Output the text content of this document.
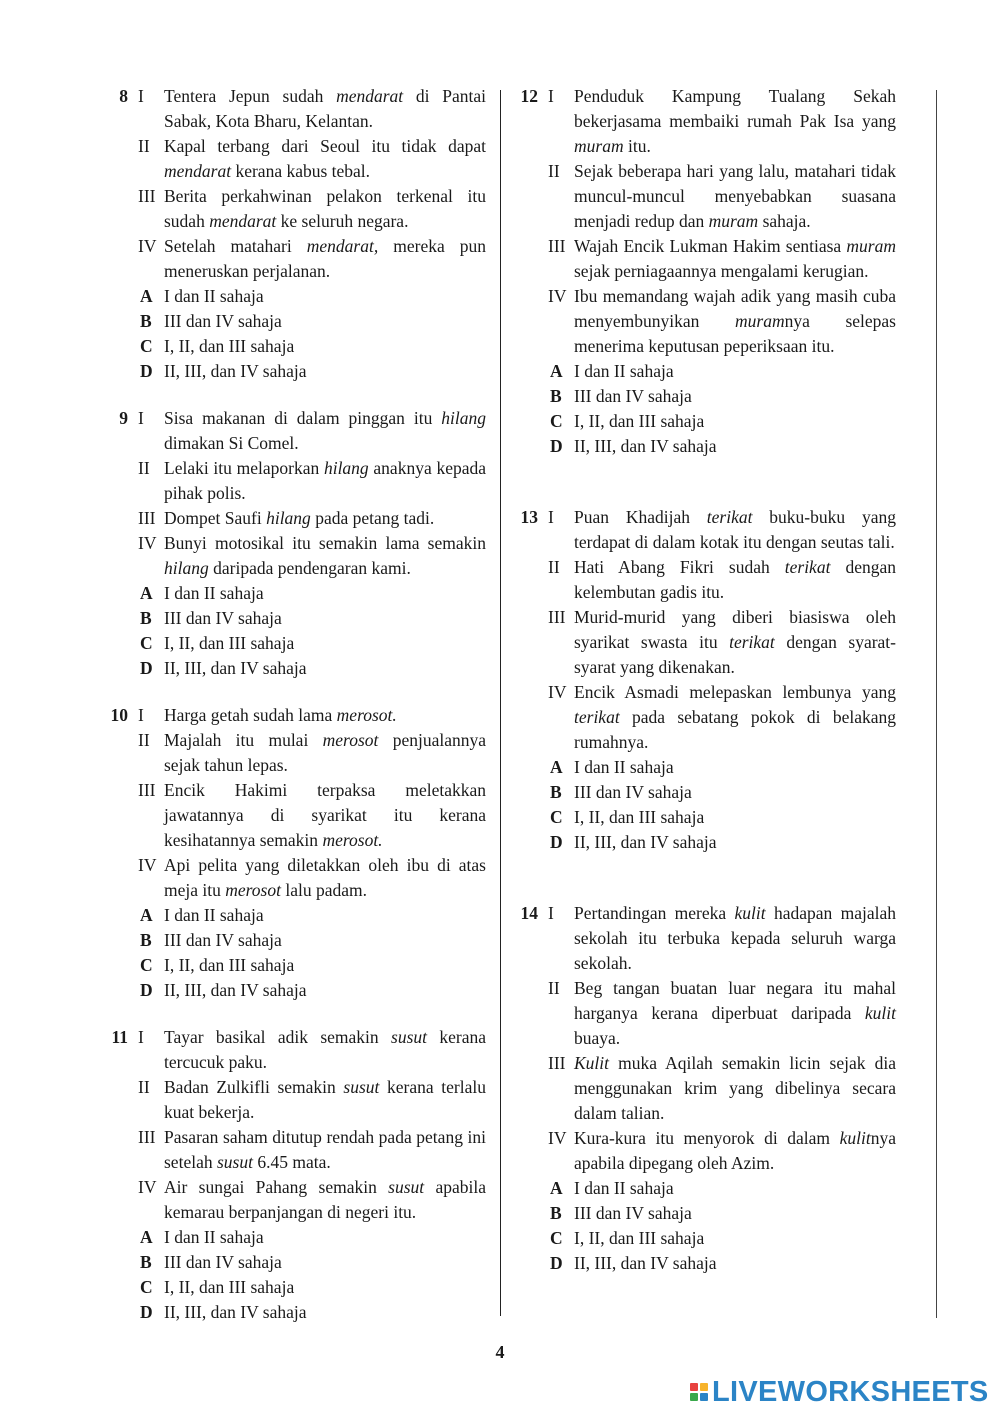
8 I Tentera Jepun sudah mendarat di Pantai Sabak, Kota Bharu, Kelantan.
II Kapal terbang dari Seoul itu tidak dapat mendarat kerana kabus tebal.
III Berita perkahwinan pelakon terkenal itu sudah mendarat ke seluruh negara.
IV Setelah matahari mendarat, mereka pun meneruskan perjalanan.
A I dan II sahaja
B III dan IV sahaja
C I, II, dan III sahaja
D II, III, dan IV sahaja
9 I Sisa makanan di dalam pinggan itu hilang dimakan Si Comel.
II Lelaki itu melaporkan hilang anaknya kepada pihak polis.
III Dompet Saufi hilang pada petang tadi.
IV Bunyi motosikal itu semakin lama semakin hilang daripada pendengaran kami.
A I dan II sahaja
B III dan IV sahaja
C I, II, dan III sahaja
D II, III, dan IV sahaja
10 I Harga getah sudah lama merosot.
II Majalah itu mulai merosot penjualannya sejak tahun lepas.
III Encik Hakimi terpaksa meletakkan jawatannya di syarikat itu kerana kesihatannya semakin merosot.
IV Api pelita yang diletakkan oleh ibu di atas meja itu merosot lalu padam.
A I dan II sahaja
B III dan IV sahaja
C I, II, dan III sahaja
D II, III, dan IV sahaja
11 I Tayar basikal adik semakin susut kerana tercucuk paku.
II Badan Zulkifli semakin susut kerana terlalu kuat bekerja.
III Pasaran saham ditutup rendah pada petang ini setelah susut 6.45 mata.
IV Air sungai Pahang semakin susut apabila kemarau berpanjangan di negeri itu.
A I dan II sahaja
B III dan IV sahaja
C I, II, dan III sahaja
D II, III, dan IV sahaja
12 I Penduduk Kampung Tualang Sekah bekerjasama membaiki rumah Pak Isa yang muram itu.
II Sejak beberapa hari yang lalu, matahari tidak muncul-muncul menyebabkan suasana menjadi redup dan muram sahaja.
III Wajah Encik Lukman Hakim sentiasa muram sejak perniagaannya mengalami kerugian.
IV Ibu memandang wajah adik yang masih cuba menyembunyikan muramnya selepas menerima keputusan peperiksaan itu.
A I dan II sahaja
B III dan IV sahaja
C I, II, dan III sahaja
D II, III, dan IV sahaja
13 I Puan Khadijah terikat buku-buku yang terdapat di dalam kotak itu dengan seutas tali.
II Hati Abang Fikri sudah terikat dengan kelembutan gadis itu.
III Murid-murid yang diberi biasiswa oleh syarikat swasta itu terikat dengan syarat-syarat yang dikenakan.
IV Encik Asmadi melepaskan lembunya yang terikat pada sebatang pokok di belakang rumahnya.
A I dan II sahaja
B III dan IV sahaja
C I, II, dan III sahaja
D II, III, dan IV sahaja
14 I Pertandingan mereka kulit hadapan majalah sekolah itu terbuka kepada seluruh warga sekolah.
II Beg tangan buatan luar negara itu mahal harganya kerana diperbuat daripada kulit buaya.
III Kulit muka Aqilah semakin licin sejak dia menggunakan krim yang dibelinya secara dalam talian.
IV Kura-kura itu menyorok di dalam kulitnya apabila dipegang oleh Azim.
A I dan II sahaja
B III dan IV sahaja
C I, II, dan III sahaja
D II, III, dan IV sahaja
4
LIVEWORKSHEETS
